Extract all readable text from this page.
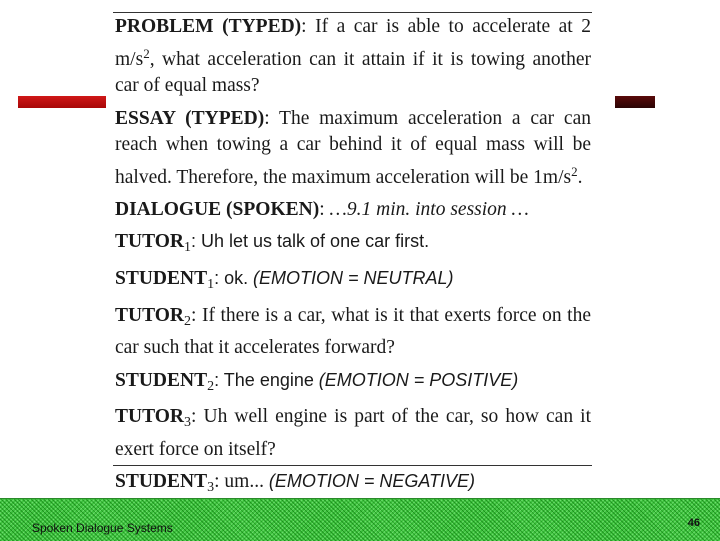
PROBLEM (TYPED): If a car is able to accelerate at 2 $m/s^2$, what acceleration can it attain if it is towing another car of equal mass?

ESSAY (TYPED): The maximum acceleration a car can reach when towing a car behind it of equal mass will be halved. Therefore, the maximum acceleration will be $1m/s^2$.

DIALOGUE (SPOKEN): …9.1 min. into session …

$TUTOR_1$: Uh let us talk of one car first.

$STUDENT_1$: ok. (EMOTION = NEUTRAL)

$TUTOR_2$: If there is a car, what is it that exerts force on the car such that it accelerates forward?

$STUDENT_2$: The engine (EMOTION = POSITIVE)

$TUTOR_3$: Uh well engine is part of the car, so how can it exert force on itself?

$STUDENT_3$: um... (EMOTION = NEGATIVE)

Spoken Dialogue Systems	46
